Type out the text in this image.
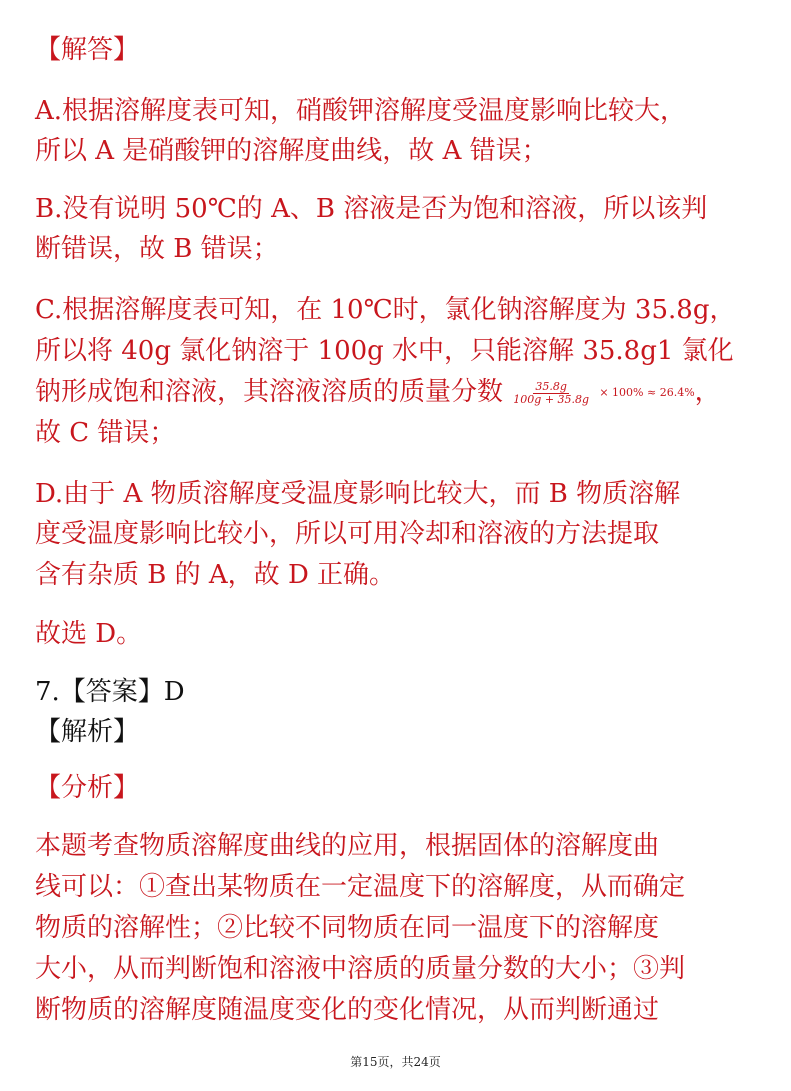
【解答】
A.根据溶解度表可知，硝酸钾溶解度受温度影响比较大，
所以 A 是硝酸钾的溶解度曲线，故 A 错误；
B.没有说明 50℃的 A、B 溶液是否为饱和溶液，所以该判
断错误，故 B 错误；
C.根据溶解度表可知，在 10℃时，氯化钠溶解度为 35.8g，
所以将 40g 氯化钠溶于 100g 水中，只能溶解 35.8g1 氯化
钠形成饱和溶液，其溶液溶质的质量分数 $\frac{35.8g}{100g + 35.8g} \times 100\% \approx 26.4\%$，
故 C 错误；
D.由于 A 物质溶解度受温度影响比较大，而 B 物质溶解
度受温度影响比较小，所以可用冷却和溶液的方法提取
含有杂质 B 的 A，故 D 正确。
故选 D。
7.【答案】D
【解析】
【分析】
本题考查物质溶解度曲线的应用，根据固体的溶解度曲
线可以：①查出某物质在一定温度下的溶解度，从而确定
物质的溶解性；②比较不同物质在同一温度下的溶解度
大小，从而判断饱和溶液中溶质的质量分数的大小；③判
断物质的溶解度随温度变化的变化情况，从而判断通过
第15页，共24页
